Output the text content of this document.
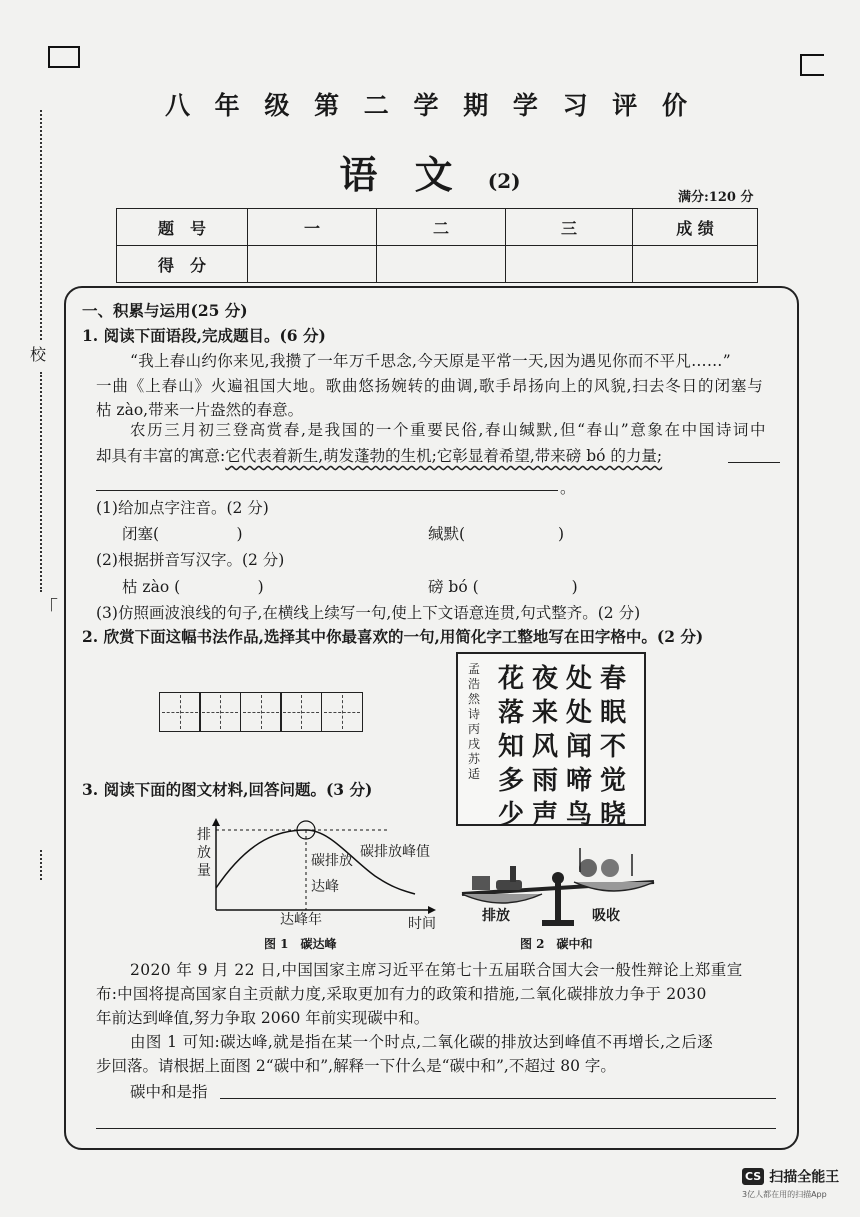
校
「
八 年 级 第 二 学 期 学 习 评 价
语 文 (2)
满分:120 分
题　号	一	二	三	成 绩
得　分				
一、积累与运用(25 分)
1. 阅读下面语段,完成题目。(6 分)
“我上春山约你来见,我攒了一年万千思念,今天原是平常一天,因为遇见你而不平凡……”
一曲《上春山》火遍祖国大地。歌曲悠扬婉转的曲调,歌手昂扬向上的风貌,扫去冬日的闭塞与
枯 zào,带来一片盎然的春意。
农历三月初三登高赏春,是我国的一个重要民俗,春山缄默,但“春山”意象在中国诗词中
却具有丰富的寓意:它代表着新生,萌发蓬勃的生机;它彰显着希望,带来磅 bó 的力量;
。
(1)给加点字注音。(2 分)
闭塞(　　　　　)	缄默(　　　　　　)
(2)根据拼音写汉字。(2 分)
枯 zào (　　　　　)	磅 bó (　　　　　　)
(3)仿照画波浪线的句子,在横线上续写一句,使上下文语意连贯,句式整齐。(2 分)
2. 欣赏下面这幅书法作品,选择其中你最喜欢的一句,用简化字工整地写在田字格中。(2 分)
春眠不觉晓
处处闻啼鸟
夜来风雨声
花落知多少
孟浩然诗 丙戌 苏适
3. 阅读下面的图文材料,回答问题。(3 分)
排放量
碳排放峰值
碳排放达峰
达峰年	时间
图 1　碳达峰
排放	吸收
图 2　碳中和
2020 年 9 月 22 日,中国国家主席习近平在第七十五届联合国大会一般性辩论上郑重宣
布:中国将提高国家自主贡献力度,采取更加有力的政策和措施,二氧化碳排放力争于 2030
年前达到峰值,努力争取 2060 年前实现碳中和。
由图 1 可知:碳达峰,就是指在某一个时点,二氧化碳的排放达到峰值不再增长,之后逐
步回落。请根据上面图 2“碳中和”,解释一下什么是“碳中和”,不超过 80 字。
碳中和是指
CS 扫描全能王
3亿人都在用的扫描App
